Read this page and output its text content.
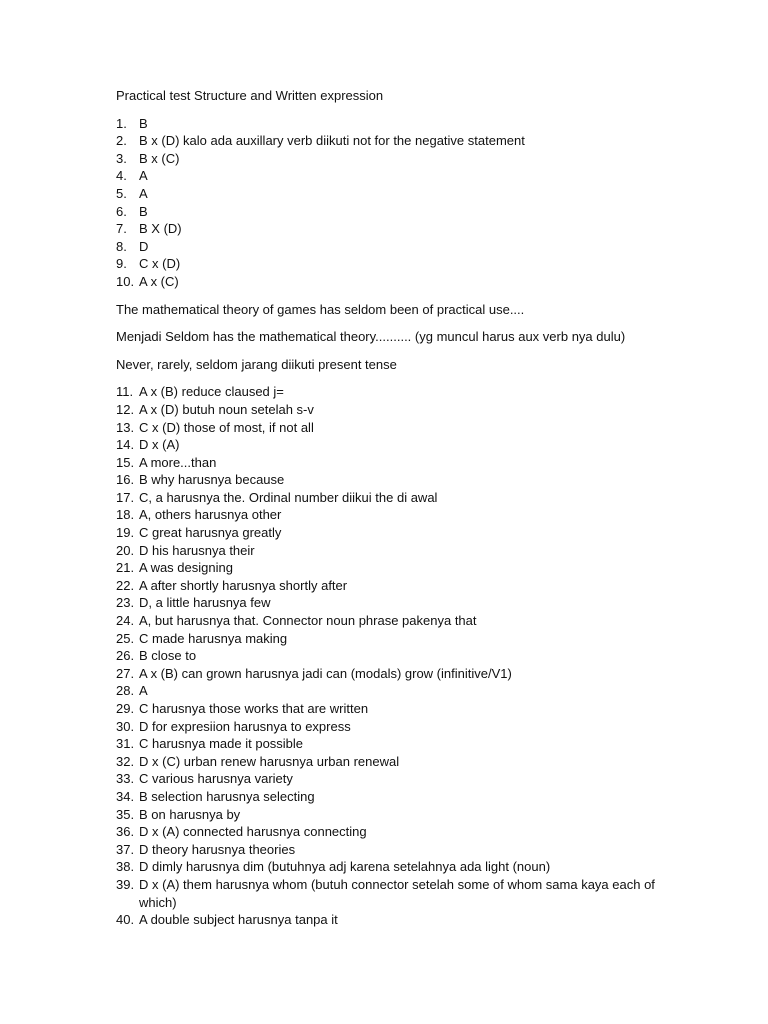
Practical test Structure and Written expression
1. B
2. B x (D) kalo ada auxillary verb diikuti not for the negative statement
3. B x (C)
4. A
5. A
6. B
7. B X (D)
8. D
9. C x (D)
10. A x (C)

The mathematical theory of games has seldom been of practical use....

Menjadi Seldom has the mathematical theory.......... (yg muncul harus aux verb nya dulu)

Never, rarely, seldom jarang diikuti present tense

11. A x (B) reduce claused j=
12. A x (D) butuh noun setelah s-v
13. C x (D) those of most, if not all
14. D x (A)
15. A more...than
16. B why harusnya because
17. C, a harusnya the. Ordinal number diikui the di awal
18. A, others harusnya other
19. C great harusnya greatly
20. D his harusnya their
21. A was designing
22. A after shortly harusnya shortly after
23. D, a little harusnya few
24. A, but harusnya that. Connector noun phrase pakenya that
25. C made harusnya making
26. B close to
27. A x (B) can grown harusnya jadi can (modals) grow (infinitive/V1)
28. A
29. C harusnya those works that are written
30. D for expresiion harusnya to express
31. C harusnya made it possible
32. D x (C) urban renew harusnya urban renewal
33. C various harusnya variety
34. B selection harusnya selecting
35. B on harusnya by
36. D x (A) connected harusnya connecting
37. D theory harusnya theories
38. D dimly harusnya dim (butuhnya adj karena setelahnya ada light (noun)
39. D x (A) them harusnya whom (butuh connector setelah some of whom sama kaya each of which)
40. A double subject harusnya tanpa it
